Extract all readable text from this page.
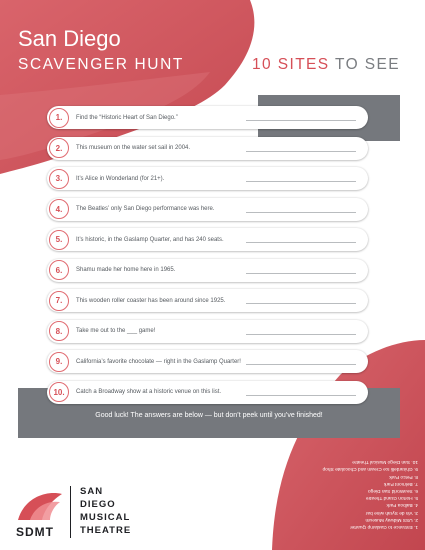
San Diego
SCAVENGER HUNT	10 SITES TO SEE
1.	Find the “Historic Heart of San Diego.”
2.	This museum on the water set sail in 2004.
3.	It’s Alice in Wonderland (for 21+).
4.	The Beatles’ only San Diego performance was here.
5.	It’s historic, in the Gaslamp Quarter, and has 240 seats.
6.	Shamu made her home here in 1965.
7.	This wooden roller coaster has been around since 1925.
8.	Take me out to the ___ game!
9.	California’s favorite chocolate — right in the Gaslamp Quarter!
10.	Catch a Broadway show at a historic venue on this list.
Good luck! The answers are below — but don’t peek until you’ve finished!
1. Entrance to Gaslamp Quarter
2. USS Midway Museum
3. Vin de Syrah wine bar
4. Balboa Park
5. Horton Grand Theatre
6. SeaWorld San Diego
7. Belmont Park
8. Petco Park
9. Ghirardelli Ice Cream and Chocolate Shop
10. San Diego Musical Theatre
SDMT
SAN
DIEGO
MUSICAL
THEATRE
